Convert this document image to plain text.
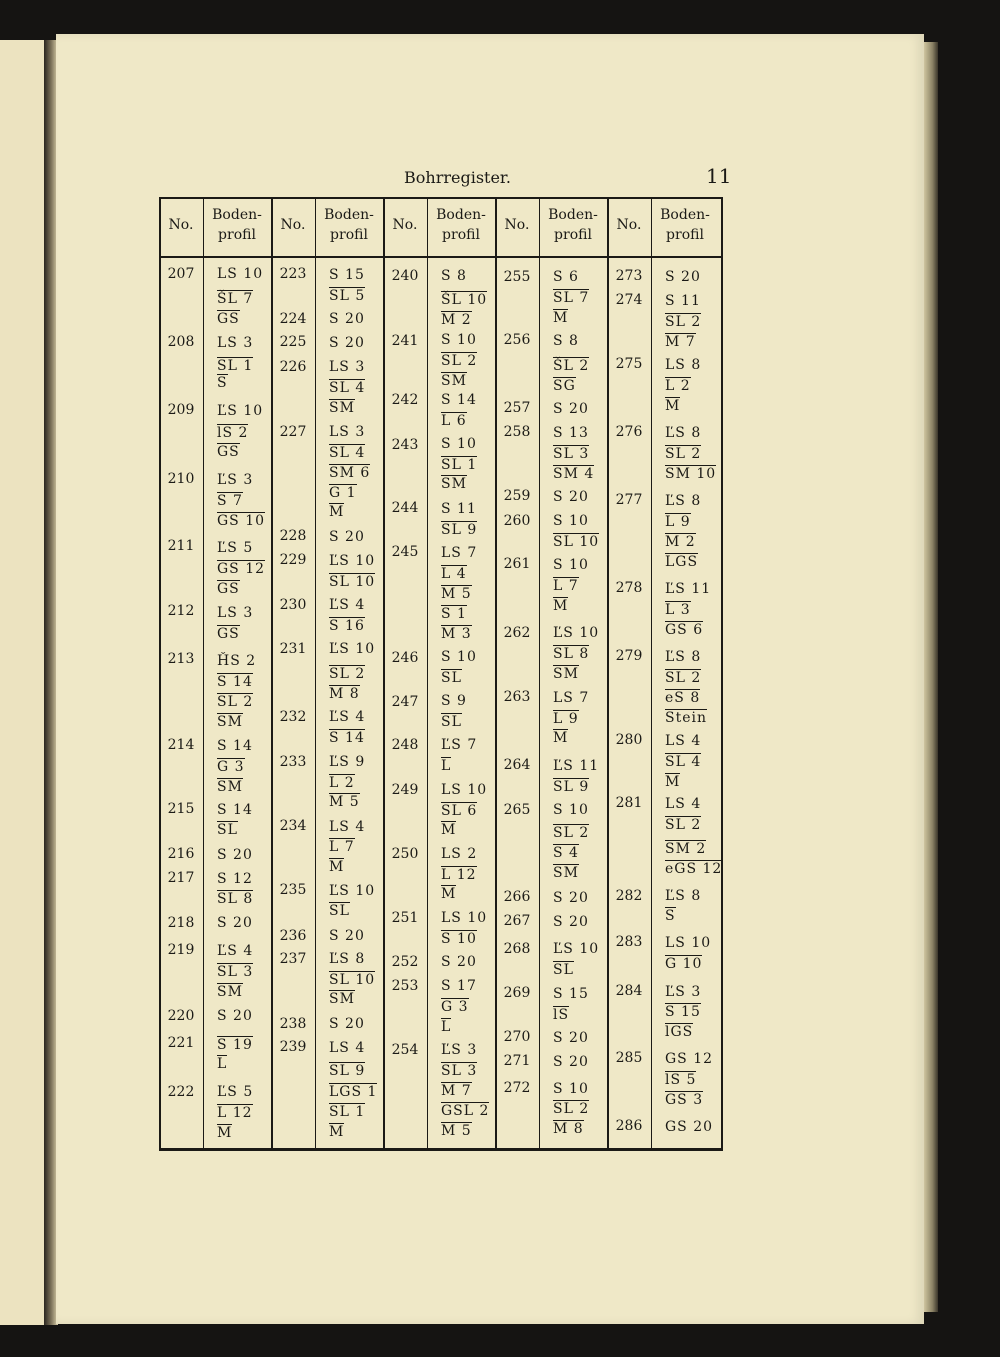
Bohrregister.	11
No.
Boden-
profil
207
208
209
210
211
212
213
214
215
216
217
218
219
220
221
222
LS 10
ŠL 7
GS
LS 3
SL 1
S
ĽS 10
lS 2
GS
ĽS 3
S 7
GS 10
ĽS 5
GS 12
GS
LS 3
GS
ȞS 2
S 14
SL 2
SM
S 14
G 3
SM
S 14
SL
S 20
S 12
SL 8
S 20
ĽS 4
SL 3
SM
S 20
S 19
L
ĽS 5
L 12
M
No.
Boden-
profil
223
224
225
226
227
228
229
230
231
232
233
234
235
236
237
238
239
S 15
SL 5
S 20
S 20
LS 3
SL 4
SM
LS 3
SL 4
SM 6
G 1
M
S 20
ĽS 10
SL 10
ĽS 4
S 16
ĽS 10
SL 2
M 8
ĽS 4
S 14
ĽS 9
L 2
M 5
LS 4
L 7
M
ĽS 10
SL
S 20
ĽS 8
SL 10
SM
S 20
LS 4
SL 9
LGS 1
SL 1
M
No.
Boden-
profil
240
241
242
243
244
245
246
247
248
249
250
251
252
253
254
S 8
ŠL 10
M 2
S 10
SL 2
SM
S 14
L 6
S 10
SL 1
SM
S 11
SL 9
LS 7
L 4
M 5
S 1
M 3
S 10
SL
S 9
SL
ĽS 7
L
LS 10
SL 6
M
LS 2
L 12
M
LS 10
S 10
S 20
S 17
G 3
L
ĽS 3
SL 3
M 7
GSL 2
M 5
No.
Boden-
profil
255
256
257
258
259
260
261
262
263
264
265
266
267
268
269
270
271
272
S 6
SL 7
M
S 8
ŠL 2
SG
S 20
S 13
SL 3
SM 4
S 20
S 10
SL 10
S 10
L 7
M
ĽS 10
SL 8
SM
LS 7
L 9
M
ĽS 11
SL 9
S 10
SL 2
S 4
SM
S 20
S 20
ĽS 10
SL
S 15
lS
S 20
S 20
S 10
SL 2
M 8
No.
Boden-
profil
273
274
275
276
277
278
279
280
281
282
283
284
285
286
S 20
S 11
SL 2
M 7
LS 8
L 2
M
ĽS 8
SL 2
SM 10
ĽS 8
L 9
M 2
LGS
ĽS 11
L 3
GS 6
ĽS 8
SL 2
eS 8
Stein
LS 4
SL 4
M
LS 4
SL 2
SM 2
eGS 12
ĽS 8
S
LS 10
G 10
ĽS 3
S 15
lGS
GS 12
lS 5
GS 3
GS 20
